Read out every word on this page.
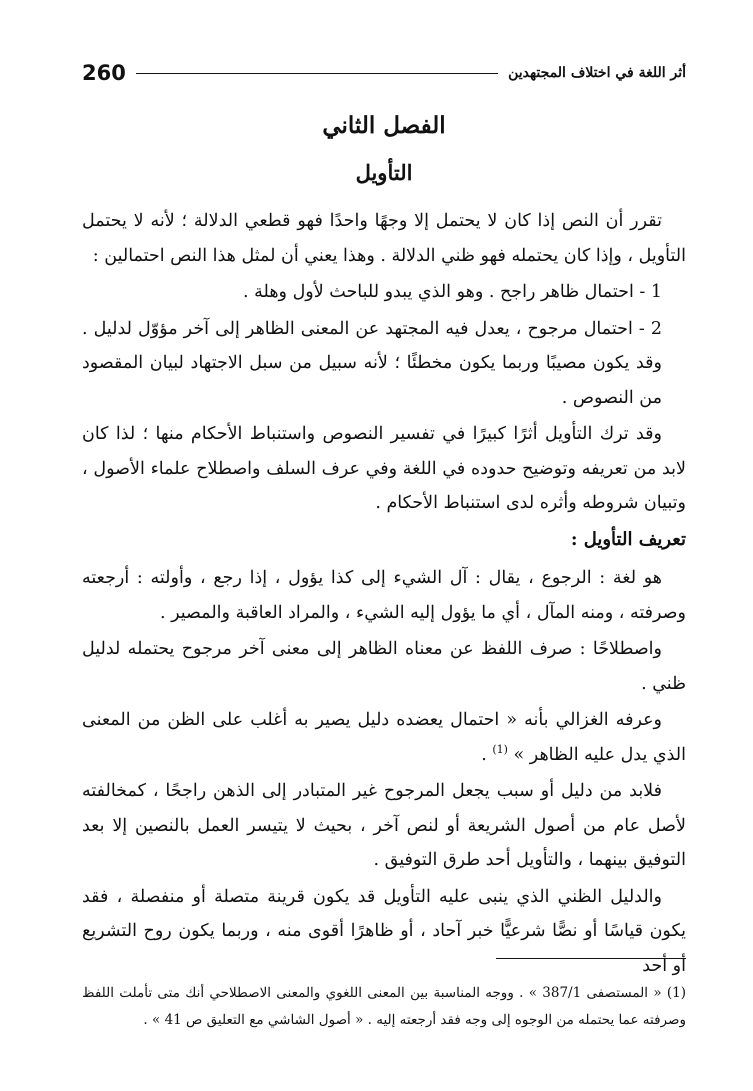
260	أثر اللغة في اختلاف المجتهدين
الفصل الثاني
التأويل

تقرر أن النص إذا كان لا يحتمل إلا وجهًا واحدًا فهو قطعي الدلالة ؛ لأنه لا يحتمل التأويل ، وإذا كان يحتمله فهو ظني الدلالة . وهذا يعني أن لمثل هذا النص احتمالين :

1 - احتمال ظاهر راجح . وهو الذي يبدو للباحث لأول وهلة .

2 - احتمال مرجوح ، يعدل فيه المجتهد عن المعنى الظاهر إلى آخر مؤوّل لدليل . وقد يكون مصيبًا وربما يكون مخطئًا ؛ لأنه سبيل من سبل الاجتهاد لبيان المقصود من النصوص .

وقد ترك التأويل أثرًا كبيرًا في تفسير النصوص واستنباط الأحكام منها ؛ لذا كان لابد من تعريفه وتوضيح حدوده في اللغة وفي عرف السلف واصطلاح علماء الأصول ، وتبيان شروطه وأثره لدى استنباط الأحكام .

تعريف التأويل :

هو لغة : الرجوع ، يقال : آل الشيء إلى كذا يؤول ، إذا رجع ، وأولته : أرجعته وصرفته ، ومنه المآل ، أي ما يؤول إليه الشيء ، والمراد العاقبة والمصير .

واصطلاحًا : صرف اللفظ عن معناه الظاهر إلى معنى آخر مرجوح يحتمله لدليل ظني .

وعرفه الغزالي بأنه « احتمال يعضده دليل يصير به أغلب على الظن من المعنى الذي يدل عليه الظاهر » $^{(1)}$ .

فلابد من دليل أو سبب يجعل المرجوح غير المتبادر إلى الذهن راجحًا ، كمخالفته لأصل عام من أصول الشريعة أو لنص آخر ، بحيث لا يتيسر العمل بالنصين إلا بعد التوفيق بينهما ، والتأويل أحد طرق التوفيق .

والدليل الظني الذي ينبى عليه التأويل قد يكون قرينة متصلة أو منفصلة ، فقد يكون قياسًا أو نصًّا شرعيًّا خبر آحاد ، أو ظاهرًا أقوى منه ، وربما يكون روح التشريع أو أحد

(1) « المستصفى 387/1 » . ووجه المناسبة بين المعنى اللغوي والمعنى الاصطلاحي أنك متى تأملت اللفظ وصرفته عما يحتمله من الوجوه إلى وجه فقد أرجعته إليه . « أصول الشاشي مع التعليق ص 41 » .
